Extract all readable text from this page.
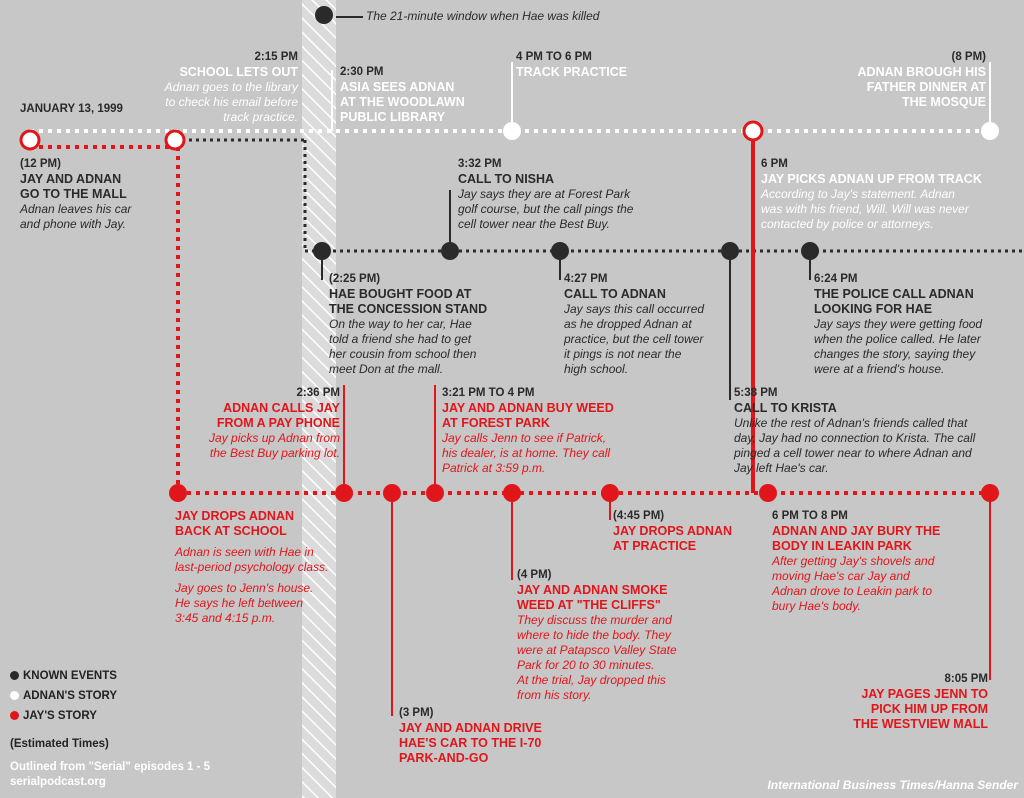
The 21-minute window when Hae was killed
JANUARY 13, 1999
(12 PM)
JAY AND ADNAN
GO TO THE MALL
Adnan leaves his car
and phone with Jay.
2:15 PM
SCHOOL LETS OUT
Adnan goes to the library
to check his email before
track practice.
2:30 PM
ASIA SEES ADNAN
AT THE WOODLAWN
PUBLIC LIBRARY
4 PM TO 6 PM
TRACK PRACTICE
(8 PM)
ADNAN BROUGH HIS
FATHER DINNER AT
THE MOSQUE
3:32 PM
CALL TO NISHA
Jay says they are at Forest Park
golf course, but the call pings the
cell tower near the Best Buy.
6 PM
JAY PICKS ADNAN UP FROM TRACK
According to Jay's statement. Adnan
was with his friend, Will. Will was never
contacted by police or attorneys.
(2:25 PM)
HAE BOUGHT FOOD AT
THE CONCESSION STAND
On the way to her car, Hae
told a friend she had to get
her cousin from school then
meet Don at the mall.
4:27 PM
CALL TO ADNAN
Jay says this call occurred
as he dropped Adnan at
practice, but the cell tower
it pings is not near the
high school.
6:24 PM
THE POLICE CALL ADNAN
LOOKING FOR HAE
Jay says they were getting food
when the police called. He later
changes the story, saying they
were at a friend's house.
2:36 PM
ADNAN CALLS JAY
FROM A PAY PHONE
Jay picks up Adnan from
the Best Buy parking lot.
3:21 PM TO 4 PM
JAY AND ADNAN BUY WEED
AT FOREST PARK
Jay calls Jenn to see if Patrick,
his dealer, is at home. They call
Patrick at 3:59 p.m.
5:38 PM
CALL TO KRISTA
Unlike the rest of Adnan's friends called that
day, Jay had no connection to Krista. The call
pinged a cell tower near to where Adnan and
Jay left Hae's car.
JAY DROPS ADNAN
BACK AT SCHOOL
Adnan is seen with Hae in
last-period psychology class.
Jay goes to Jenn's house.
He says he left between
3:45 and 4:15 p.m.
(4:45 PM)
JAY DROPS ADNAN
AT PRACTICE
6 PM TO 8 PM
ADNAN AND JAY BURY THE
BODY IN LEAKIN PARK
After getting Jay's shovels and
moving Hae's car Jay and
Adnan drove to Leakin park to
bury Hae's body.
(4 PM)
JAY AND ADNAN SMOKE
WEED AT "THE CLIFFS"
They discuss the murder and
where to hide the body. They
were at Patapsco Valley State
Park for 20 to 30 minutes.
At the trial, Jay dropped this
from his story.
8:05 PM
JAY PAGES JENN TO
PICK HIM UP FROM
THE WESTVIEW MALL
(3 PM)
JAY AND ADNAN DRIVE
HAE'S CAR TO THE I-70
PARK-AND-GO
KNOWN EVENTS
ADNAN'S STORY
JAY'S STORY
(Estimated Times)
Outlined from "Serial" episodes 1 - 5
serialpodcast.org	International Business Times/Hanna Sender
